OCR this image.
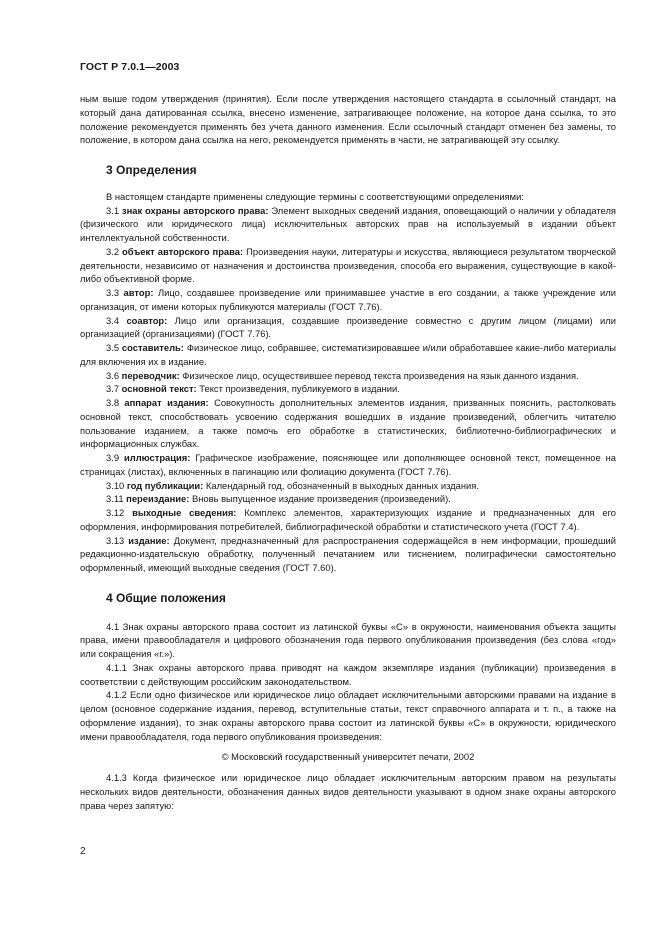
ГОСТ Р 7.0.1—2003

ным выше годом утверждения (принятия). Если после утверждения настоящего стандарта в ссылочный стандарт, на который дана датированная ссылка, внесено изменение, затрагивающее положение, на которое дана ссылка, то это положение рекомендуется применять без учета данного изменения. Если ссылочный стандарт отменен без замены, то положение, в котором дана ссылка на него, рекомендуется применять в части, не затрагивающей эту ссылку.

3 Определения

В настоящем стандарте применены следующие термины с соответствующими определениями:

3.1 знак охраны авторского права: Элемент выходных сведений издания, оповещающий о наличии у обладателя (физического или юридического лица) исключительных авторских прав на используемый в издании объект интеллектуальной собственности.

3.2 объект авторского права: Произведения науки, литературы и искусства, являющиеся результатом творческой деятельности, независимо от назначения и достоинства произведения, способа его выражения, существующие в какой-либо объективной форме.

3.3 автор: Лицо, создавшее произведение или принимавшее участие в его создании, а также учреждение или организация, от имени которых публикуются материалы (ГОСТ 7.76).

3.4 соавтор: Лицо или организация, создавшие произведение совместно с другим лицом (лицами) или организацией (организациями) (ГОСТ 7.76).

3.5 составитель: Физическое лицо, собравшее, систематизировавшее и/или обработавшее какие-либо материалы для включения их в издание.

3.6 переводчик: Физическое лицо, осуществившее перевод текста произведения на язык данного издания.

3.7 основной текст: Текст произведения, публикуемого в издании.

3.8 аппарат издания: Совокупность дополнительных элементов издания, призванных пояснить, растолковать основной текст, способствовать усвоению содержания вошедших в издание произведений, облегчить читателю пользование изданием, а также помочь его обработке в статистических, библиотечно-библиографических и информационных службах.

3.9 иллюстрация: Графическое изображение, поясняющее или дополняющее основной текст, помещенное на страницах (листах), включенных в пагинацию или фолиацию документа (ГОСТ 7.76).

3.10 год публикации: Календарный год, обозначенный в выходных данных издания.

3.11 переиздание: Вновь выпущенное издание произведения (произведений).

3.12 выходные сведения: Комплекс элементов, характеризующих издание и предназначенных для его оформления, информирования потребителей, библиографической обработки и статистического учета (ГОСТ 7.4).

3.13 издание: Документ, предназначенный для распространения содержащейся в нем информации, прошедший редакционно-издательскую обработку, полученный печатанием или тиснением, полиграфически самостоятельно оформленный, имеющий выходные сведения (ГОСТ 7.60).

4 Общие положения

4.1 Знак охраны авторского права состоит из латинской буквы «С» в окружности, наименования объекта защиты права, имени правообладателя и цифрового обозначения года первого опубликования произведения (без слова «год» или сокращения «г.»).

4.1.1 Знак охраны авторского права приводят на каждом экземпляре издания (публикации) произведения в соответствии с действующим российским законодательством.

4.1.2 Если одно физическое или юридическое лицо обладает исключительными авторскими правами на издание в целом (основное содержание издания, перевод, вступительные статьи, текст справочного аппарата и т. п., а также на оформление издания), то знак охраны авторского права состоит из латинской буквы «С» в окружности, юридического имени правообладателя, года первого опубликования произведения:

© Московский государственный университет печати, 2002

4.1.3 Когда физическое или юридическое лицо обладает исключительным авторским правом на результаты нескольких видов деятельности, обозначения данных видов деятельности указывают в одном знаке охраны авторского права через запятую:

2
